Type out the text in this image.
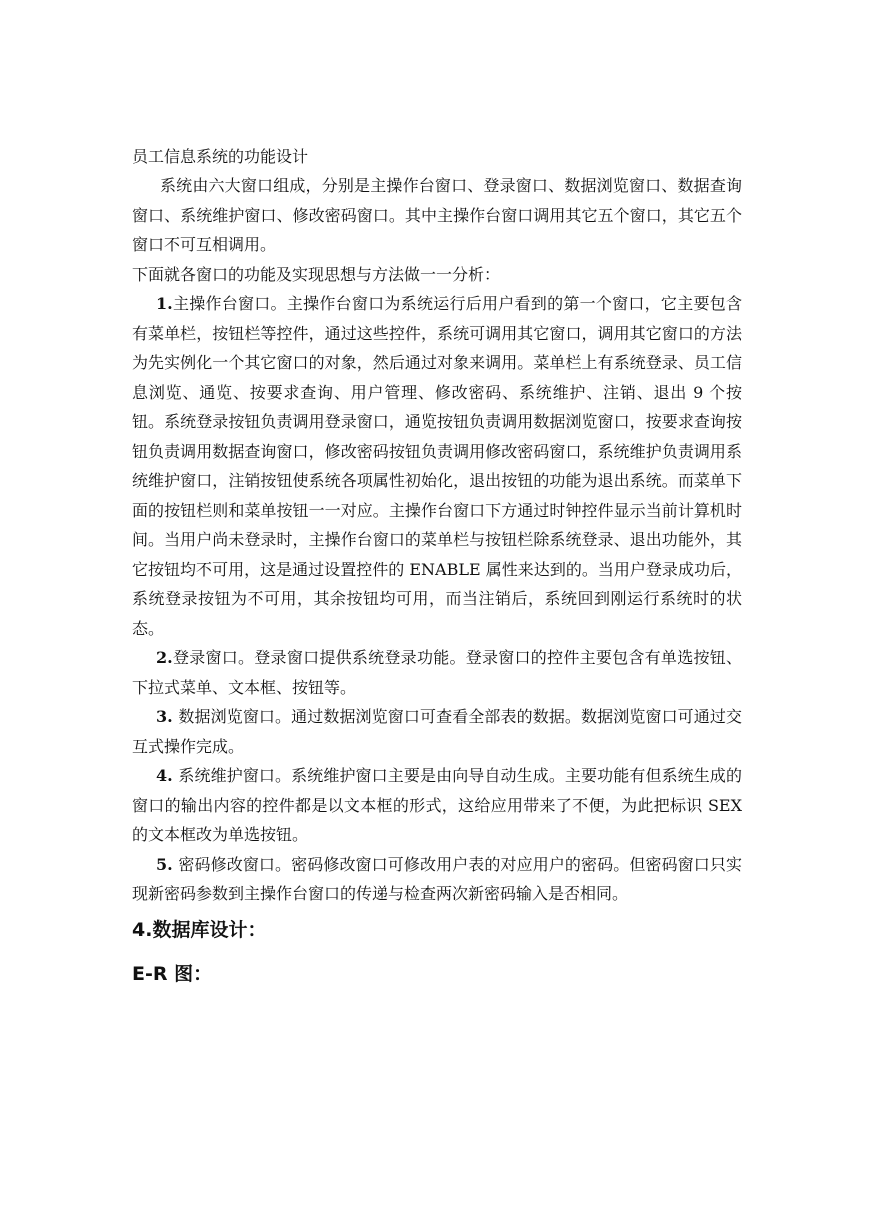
员工信息系统的功能设计

系统由六大窗口组成，分别是主操作台窗口、登录窗口、数据浏览窗口、数据查询窗口、系统维护窗口、修改密码窗口。其中主操作台窗口调用其它五个窗口，其它五个窗口不可互相调用。

下面就各窗口的功能及实现思想与方法做一一分析：

1.主操作台窗口。主操作台窗口为系统运行后用户看到的第一个窗口，它主要包含有菜单栏，按钮栏等控件，通过这些控件，系统可调用其它窗口，调用其它窗口的方法为先实例化一个其它窗口的对象，然后通过对象来调用。菜单栏上有系统登录、员工信息浏览、通览、按要求查询、用户管理、修改密码、系统维护、注销、退出 9 个按钮。系统登录按钮负责调用登录窗口，通览按钮负责调用数据浏览窗口，按要求查询按钮负责调用数据查询窗口，修改密码按钮负责调用修改密码窗口，系统维护负责调用系统维护窗口，注销按钮使系统各项属性初始化，退出按钮的功能为退出系统。而菜单下面的按钮栏则和菜单按钮一一对应。主操作台窗口下方通过时钟控件显示当前计算机时间。当用户尚未登录时，主操作台窗口的菜单栏与按钮栏除系统登录、退出功能外，其它按钮均不可用，这是通过设置控件的 ENABLE 属性来达到的。当用户登录成功后，系统登录按钮为不可用，其余按钮均可用，而当注销后，系统回到刚运行系统时的状态。

2.登录窗口。登录窗口提供系统登录功能。登录窗口的控件主要包含有单选按钮、下拉式菜单、文本框、按钮等。

3. 数据浏览窗口。通过数据浏览窗口可查看全部表的数据。数据浏览窗口可通过交互式操作完成。

4. 系统维护窗口。系统维护窗口主要是由向导自动生成。主要功能有但系统生成的窗口的输出内容的控件都是以文本框的形式，这给应用带来了不便，为此把标识 SEX 的文本框改为单选按钮。

5. 密码修改窗口。密码修改窗口可修改用户表的对应用户的密码。但密码窗口只实现新密码参数到主操作台窗口的传递与检查两次新密码输入是否相同。

4.数据库设计：
E-R 图：
